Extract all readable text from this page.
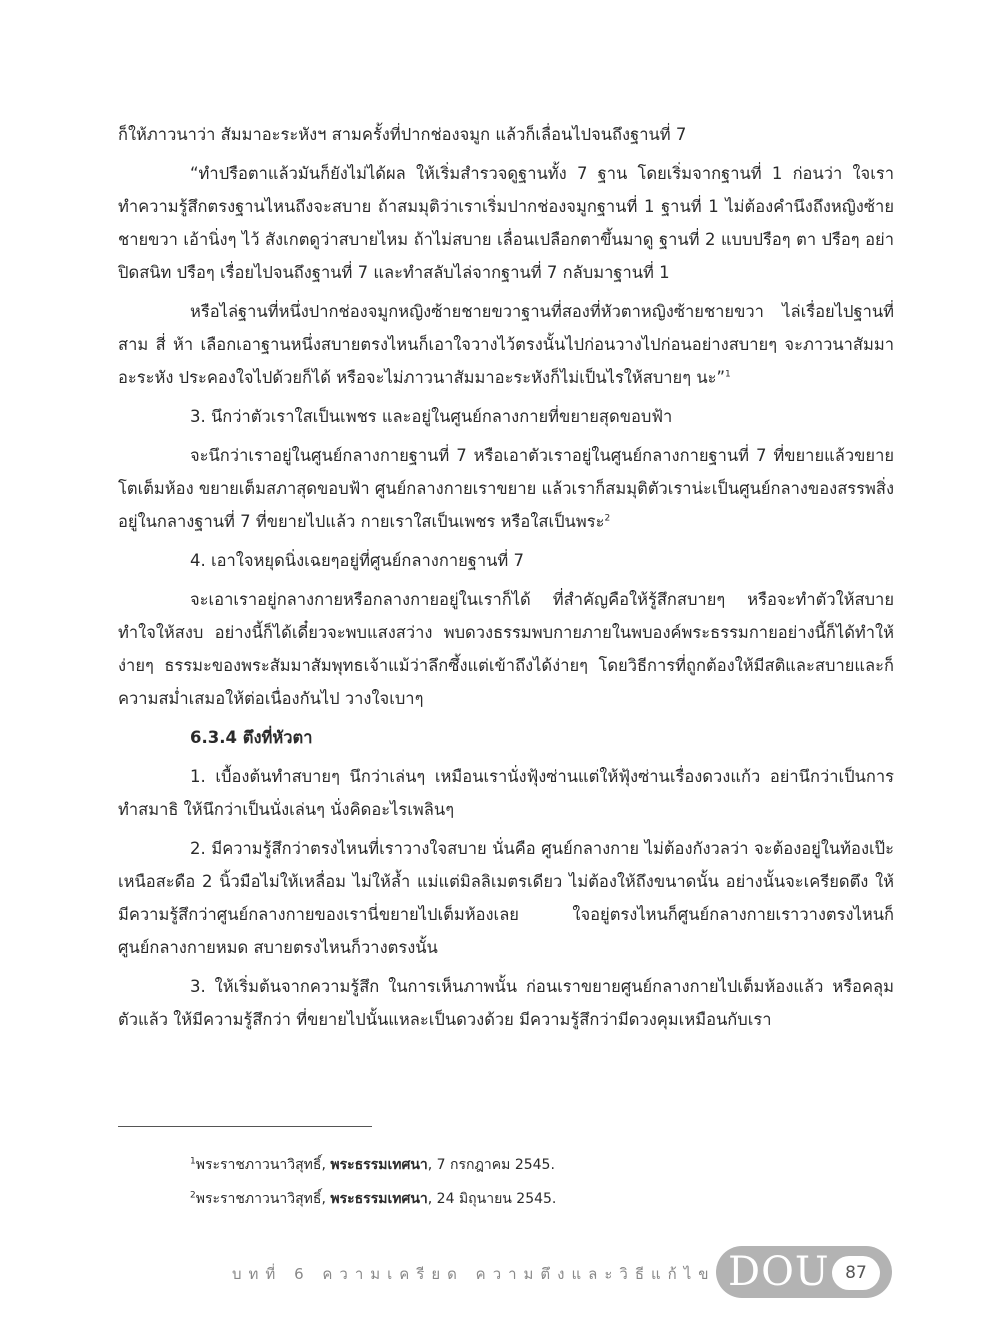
ก็ให้ภาวนาว่า สัมมาอะระหังฯ สามครั้งที่ปากช่องจมูก แล้วก็เลื่อนไปจนถึงฐานที่ 7

“ทำปรือตาแล้วมันก็ยังไม่ได้ผล ให้เริ่มสำรวจดูฐานทั้ง 7 ฐาน โดยเริ่มจากฐานที่ 1 ก่อนว่า ใจเราทำความรู้สึกตรงฐานไหนถึงจะสบาย ถ้าสมมุติว่าเราเริ่มปากช่องจมูกฐานที่ 1 ฐานที่ 1 ไม่ต้องคำนึงถึงหญิงซ้าย ชายขวา เอ้านิ่งๆ ไว้ สังเกตดูว่าสบายไหม ถ้าไม่สบาย เลื่อนเปลือกตาขึ้นมาดู ฐานที่ 2 แบบปรือๆ ตา ปรือๆ อย่าปิดสนิท ปรือๆ เรื่อยไปจนถึงฐานที่ 7 และทำสลับไล่จากฐานที่ 7 กลับมาฐานที่ 1

หรือไล่ฐานที่หนึ่งปากช่องจมูกหญิงซ้ายชายขวาฐานที่สองที่หัวตาหญิงซ้ายชายขวา ไล่เรื่อยไปฐานที่สาม สี่ ห้า เลือกเอาฐานหนึ่งสบายตรงไหนก็เอาใจวางไว้ตรงนั้นไปก่อนวางไปก่อนอย่างสบายๆ จะภาวนาสัมมาอะระหัง ประคองใจไปด้วยก็ได้ หรือจะไม่ภาวนาสัมมาอะระหังก็ไม่เป็นไรให้สบายๆ นะ”$^1$

3. นึกว่าตัวเราใสเป็นเพชร และอยู่ในศูนย์กลางกายที่ขยายสุดขอบฟ้า

จะนึกว่าเราอยู่ในศูนย์กลางกายฐานที่ 7 หรือเอาตัวเราอยู่ในศูนย์กลางกายฐานที่ 7 ที่ขยายแล้วขยายโตเต็มห้อง ขยายเต็มสภาสุดขอบฟ้า ศูนย์กลางกายเราขยาย แล้วเราก็สมมุติตัวเราน่ะเป็นศูนย์กลางของสรรพสิ่ง อยู่ในกลางฐานที่ 7 ที่ขยายไปแล้ว กายเราใสเป็นเพชร หรือใสเป็นพระ$^2$

4. เอาใจหยุดนิ่งเฉยๆอยู่ที่ศูนย์กลางกายฐานที่ 7

จะเอาเราอยู่กลางกายหรือกลางกายอยู่ในเราก็ได้ ที่สำคัญคือให้รู้สึกสบายๆ หรือจะทำตัวให้สบายทำใจให้สงบ อย่างนี้ก็ได้เดี๋ยวจะพบแสงสว่าง พบดวงธรรมพบกายภายในพบองค์พระธรรมกายอย่างนี้ก็ได้ทำให้ง่ายๆ ธรรมะของพระสัมมาสัมพุทธเจ้าแม้ว่าลึกซึ้งแต่เข้าถึงได้ง่ายๆ โดยวิธีการที่ถูกต้องให้มีสติและสบายและก็ความสม่ำเสมอให้ต่อเนื่องกันไป วางใจเบาๆ

6.3.4 ตึงที่หัวตา

1. เบื้องต้นทำสบายๆ นึกว่าเล่นๆ เหมือนเรานั่งฟุ้งซ่านแต่ให้ฟุ้งซ่านเรื่องดวงแก้ว อย่านึกว่าเป็นการทำสมาธิ ให้นึกว่าเป็นนั่งเล่นๆ นั่งคิดอะไรเพลินๆ

2. มีความรู้สึกว่าตรงไหนที่เราวางใจสบาย นั่นคือ ศูนย์กลางกาย ไม่ต้องกังวลว่า จะต้องอยู่ในท้องเป๊ะ เหนือสะดือ 2 นิ้วมือไม่ให้เหลื่อม ไม่ให้ล้ำ แม่แต่มิลลิเมตรเดียว ไม่ต้องให้ถึงขนาดนั้น อย่างนั้นจะเครียดตึง ให้มีความรู้สึกว่าศูนย์กลางกายของเรานี่ขยายไปเต็มห้องเลย ใจอยู่ตรงไหนก็ศูนย์กลางกายเราวางตรงไหนก็ศูนย์กลางกายหมด สบายตรงไหนก็วางตรงนั้น

3. ให้เริ่มต้นจากความรู้สึก ในการเห็นภาพนั้น ก่อนเราขยายศูนย์กลางกายไปเต็มห้องแล้ว หรือคลุมตัวแล้ว ให้มีความรู้สึกว่า ที่ขยายไปนั้นแหละเป็นดวงด้วย มีความรู้สึกว่ามีดวงคุมเหมือนกับเรา

$^1$พระราชภาวนาวิสุทธิ์, พระธรรมเทศนา, 7 กรกฎาคม 2545.

$^2$พระราชภาวนาวิสุทธิ์, พระธรรมเทศนา, 24 มิถุนายน 2545.

บทที่ 6 ความเครียด ความตึงและวิธีแก้ไข DOU 87
